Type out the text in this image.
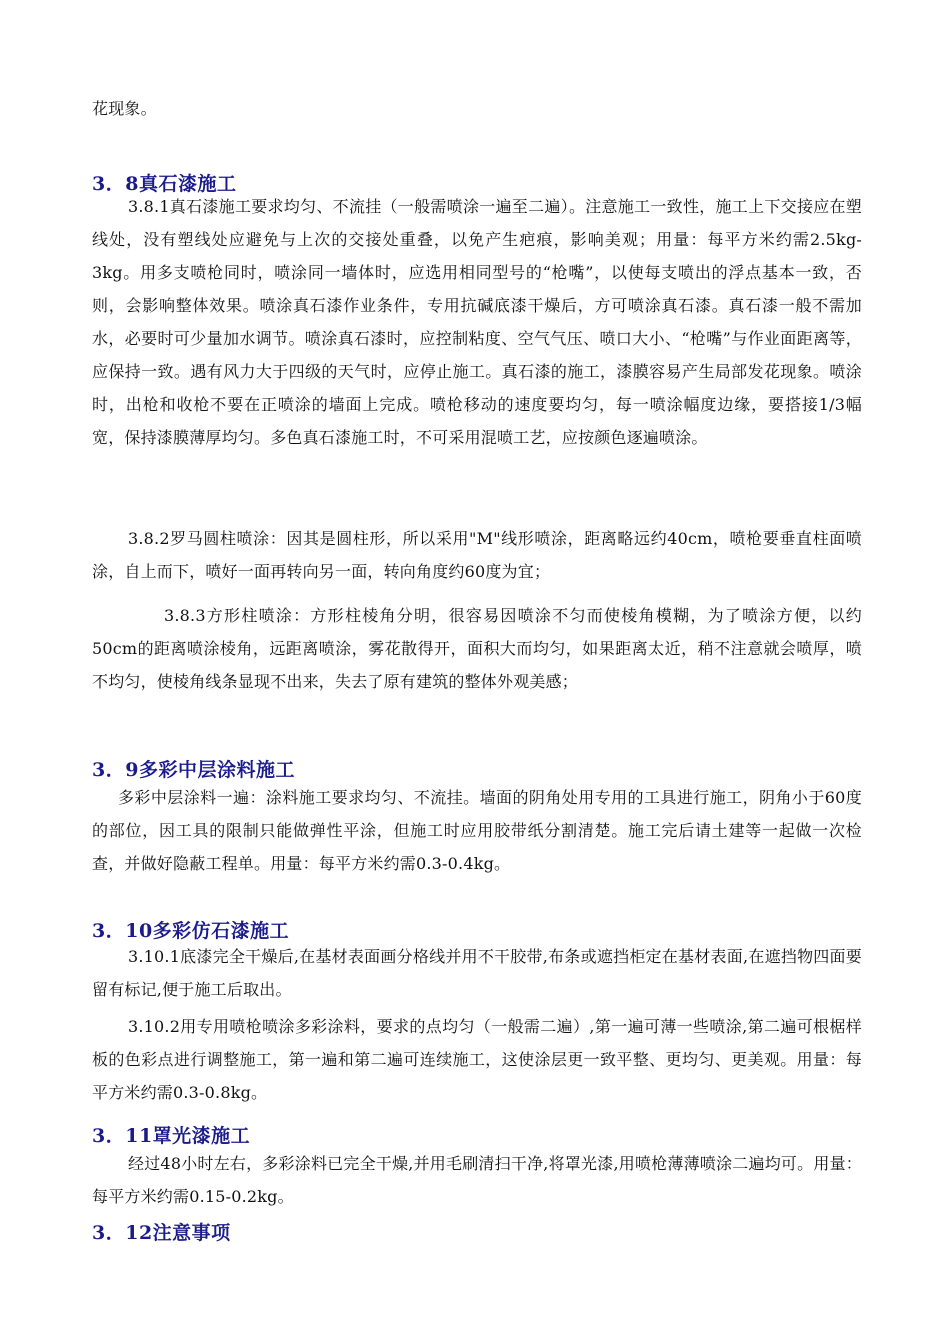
花现象。

3．8真石漆施工

3.8.1真石漆施工要求均匀、不流挂（一般需喷涂一遍至二遍）。注意施工一致性，施工上下交接应在塑线处，没有塑线处应避免与上次的交接处重叠，以免产生疤痕，影响美观；用量：每平方米约需2.5kg-3kg。用多支喷枪同时，喷涂同一墙体时，应选用相同型号的“枪嘴”，以使每支喷出的浮点基本一致，否则，会影响整体效果。喷涂真石漆作业条件，专用抗碱底漆干燥后，方可喷涂真石漆。真石漆一般不需加水，必要时可少量加水调节。喷涂真石漆时，应控制粘度、空气气压、喷口大小、“枪嘴”与作业面距离等，应保持一致。遇有风力大于四级的天气时，应停止施工。真石漆的施工，漆膜容易产生局部发花现象。喷涂时，出枪和收枪不要在正喷涂的墙面上完成。喷枪移动的速度要均匀，每一喷涂幅度边缘，要搭接1/3幅宽，保持漆膜薄厚均匀。多色真石漆施工时，不可采用混喷工艺，应按颜色逐遍喷涂。

3.8.2罗马圆柱喷涂：因其是圆柱形，所以采用"M"线形喷涂，距离略远约40cm，喷枪要垂直柱面喷涂，自上而下，喷好一面再转向另一面，转向角度约60度为宜；

3.8.3方形柱喷涂：方形柱棱角分明，很容易因喷涂不匀而使棱角模糊，为了喷涂方便，以约50cm的距离喷涂棱角，远距离喷涂，雾花散得开，面积大而均匀，如果距离太近，稍不注意就会喷厚，喷不均匀，使棱角线条显现不出来，失去了原有建筑的整体外观美感；

3．9多彩中层涂料施工

多彩中层涂料一遍：涂料施工要求均匀、不流挂。墙面的阴角处用专用的工具进行施工，阴角小于60度的部位，因工具的限制只能做弹性平涂，但施工时应用胶带纸分割清楚。施工完后请土建等一起做一次检查，并做好隐蔽工程单。用量：每平方米约需0.3-0.4kg。

3．10多彩仿石漆施工

3.10.1底漆完全干燥后,在基材表面画分格线并用不干胶带,布条或遮挡柜定在基材表面,在遮挡物四面要留有标记,便于施工后取出。

3.10.2用专用喷枪喷涂多彩涂料，要求的点均匀（一般需二遍）,第一遍可薄一些喷涂,第二遍可根椐样板的色彩点进行调整施工，第一遍和第二遍可连续施工，这使涂层更一致平整、更均匀、更美观。用量：每平方米约需0.3-0.8kg。

3．11罩光漆施工

经过48小时左右，多彩涂料已完全干燥,并用毛刷清扫干净,将罩光漆,用喷枪薄薄喷涂二遍均可。用量：每平方米约需0.15-0.2kg。

3．12注意事项
